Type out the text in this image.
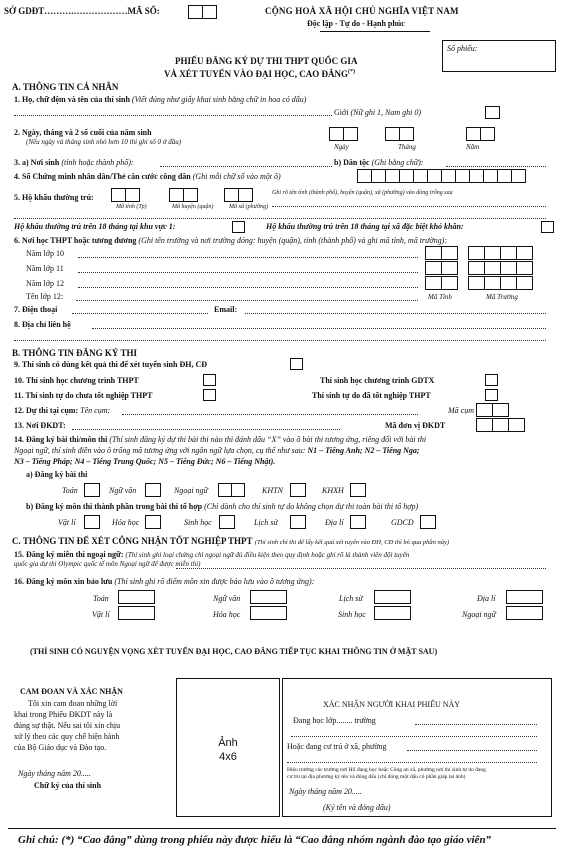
SỞ GDĐT……….………………MÃ SỐ:	CỘNG HOÀ XÃ HỘI CHỦ NGHĨA VIỆT NAM
Độc lập - Tự do - Hạnh phúc
PHIẾU ĐĂNG KÝ DỰ THI THPT QUỐC GIA
VÀ XÉT TUYỂN VÀO ĐẠI HỌC, CAO ĐẲNG(*)
Số phiếu:
A. THÔNG TIN CÁ NHÂN
1. Họ, chữ đệm và tên của thí sinh (Viết đúng như giấy khai sinh bằng chữ in hoa có dấu)
Giới (Nữ ghi 1, Nam ghi 0)
2. Ngày, tháng và 2 số cuối của năm sinh
(Nếu ngày và tháng sinh nhỏ hơn 10 thì ghi số 0 ở đầu)
Ngày	Tháng	Năm
3. a) Nơi sinh (tỉnh hoặc thành phố):	b) Dân tộc (Ghi bằng chữ):
4. Số Chứng minh nhân dân/Thẻ căn cước công dân (Ghi mỗi chữ số vào một ô)
5. Hộ khẩu thường trú:	Ghi rõ tên tỉnh (thành phố), huyện (quận), xã (phường) vào dòng trống sau
Mã tỉnh (Tp)	Mã huyện (quận)	Mã xã (phường)
Hộ khẩu thường trú trên 18 tháng tại khu vực 1:	Hộ khẩu thường trú trên 18 tháng tại xã đặc biệt khó khăn:
6. Nơi học THPT hoặc tương đương (Ghi tên trường và nơi trường đóng: huyện (quận), tỉnh (thành phố) và ghi mã tỉnh, mã trường):
Năm lớp 10
Năm lớp 11
Năm lớp 12
Tên lớp 12:	Mã Tỉnh	Mã Trường
7. Điện thoại	Email:
8. Địa chỉ liên hệ
B. THÔNG TIN ĐĂNG KÝ THI
9. Thí sinh có dùng kết quả thi để xét tuyển sinh ĐH, CĐ
10. Thí sinh học chương trình THPT	Thí sinh học chương trình GDTX
11. Thí sinh tự do chưa tốt nghiệp THPT	Thí sinh tự do đã tốt nghiệp THPT
12. Dự thi tại cụm: Tên cụm:	Mã cụm
13. Nơi ĐKDT:	Mã đơn vị ĐKDT
14. Đăng ký bài thi/môn thi (Thí sinh đăng ký dự thi bài thi nào thì đánh dấu “X” vào ô bài thi tương ứng, riêng đối với bài thi
Ngoại ngữ, thí sinh điền vào ô trống mã tương ứng với ngôn ngữ lựa chọn, cụ thể như sau: N1 – Tiếng Anh; N2 – Tiếng Nga;
N3 – Tiếng Pháp; N4 – Tiếng Trung Quốc; N5 – Tiếng Đức; N6 – Tiếng Nhật).
a) Đăng ký bài thi
Toán	Ngữ văn	Ngoại ngữ	KHTN	KHXH
b) Đăng ký môn thi thành phần trong bài thi tổ hợp (Chỉ dành cho thí sinh tự do không chọn dự thi toàn bài thi tổ hợp)
Vật lí	Hóa học	Sinh học	Lịch sử	Địa lí	GDCD
C. THÔNG TIN ĐỂ XÉT CÔNG NHẬN TỐT NGHIỆP THPT (Thí sinh chỉ thi để lấy kết quả xét tuyển vào ĐH, CĐ thì bỏ qua phần này)
15. Đăng ký miễn thi ngoại ngữ: (Thí sinh ghi loại chứng chỉ ngoại ngữ đủ điều kiện theo quy định hoặc ghi rõ là thành viên đội tuyển
quốc gia dự thi Olympic quốc tế môn Ngoại ngữ để được miễn thi)
16. Đăng ký môn xin bảo lưu (Thí sinh ghi rõ điểm môn xin được bảo lưu vào ô tương ứng):
Toán	Ngữ văn	Lịch sử	Địa lí
Vật lí	Hóa học	Sinh học	Ngoại ngữ
(THÍ SINH CÓ NGUYỆN VỌNG XÉT TUYỂN ĐẠI HỌC, CAO ĐẲNG TIẾP TỤC KHAI THÔNG TIN Ở MẶT SAU)
CAM ĐOAN VÀ XÁC NHẬN
Tôi xin cam đoan những lời
khai trong Phiếu ĐKDT này là
đúng sự thật. Nếu sai tôi xin chịu
xử lý theo các quy chế hiện hành
của Bộ Giáo dục và Đào tạo.
Ngày tháng năm 20.....
Chữ ký của thí sinh
Ảnh
4x6
XÁC NHẬN NGƯỜI KHAI PHIẾU NÀY
Đang học lớp........ trường
Hoặc đang cư trú ở xã, phường
Hiệu trưởng các trường nơi HS đang học hoặc Công an xã, phường nơi thí sinh tự do đang
cư trú tại địa phương ký tên và đóng dấu (chỉ đóng một dấu có phần giáp lai ảnh)
Ngày tháng năm 20.....
(Ký tên và đóng dấu)
Ghi chú: (*) “Cao đẳng” dùng trong phiếu này được hiểu là “Cao đẳng nhóm ngành đào tạo giáo viên”
